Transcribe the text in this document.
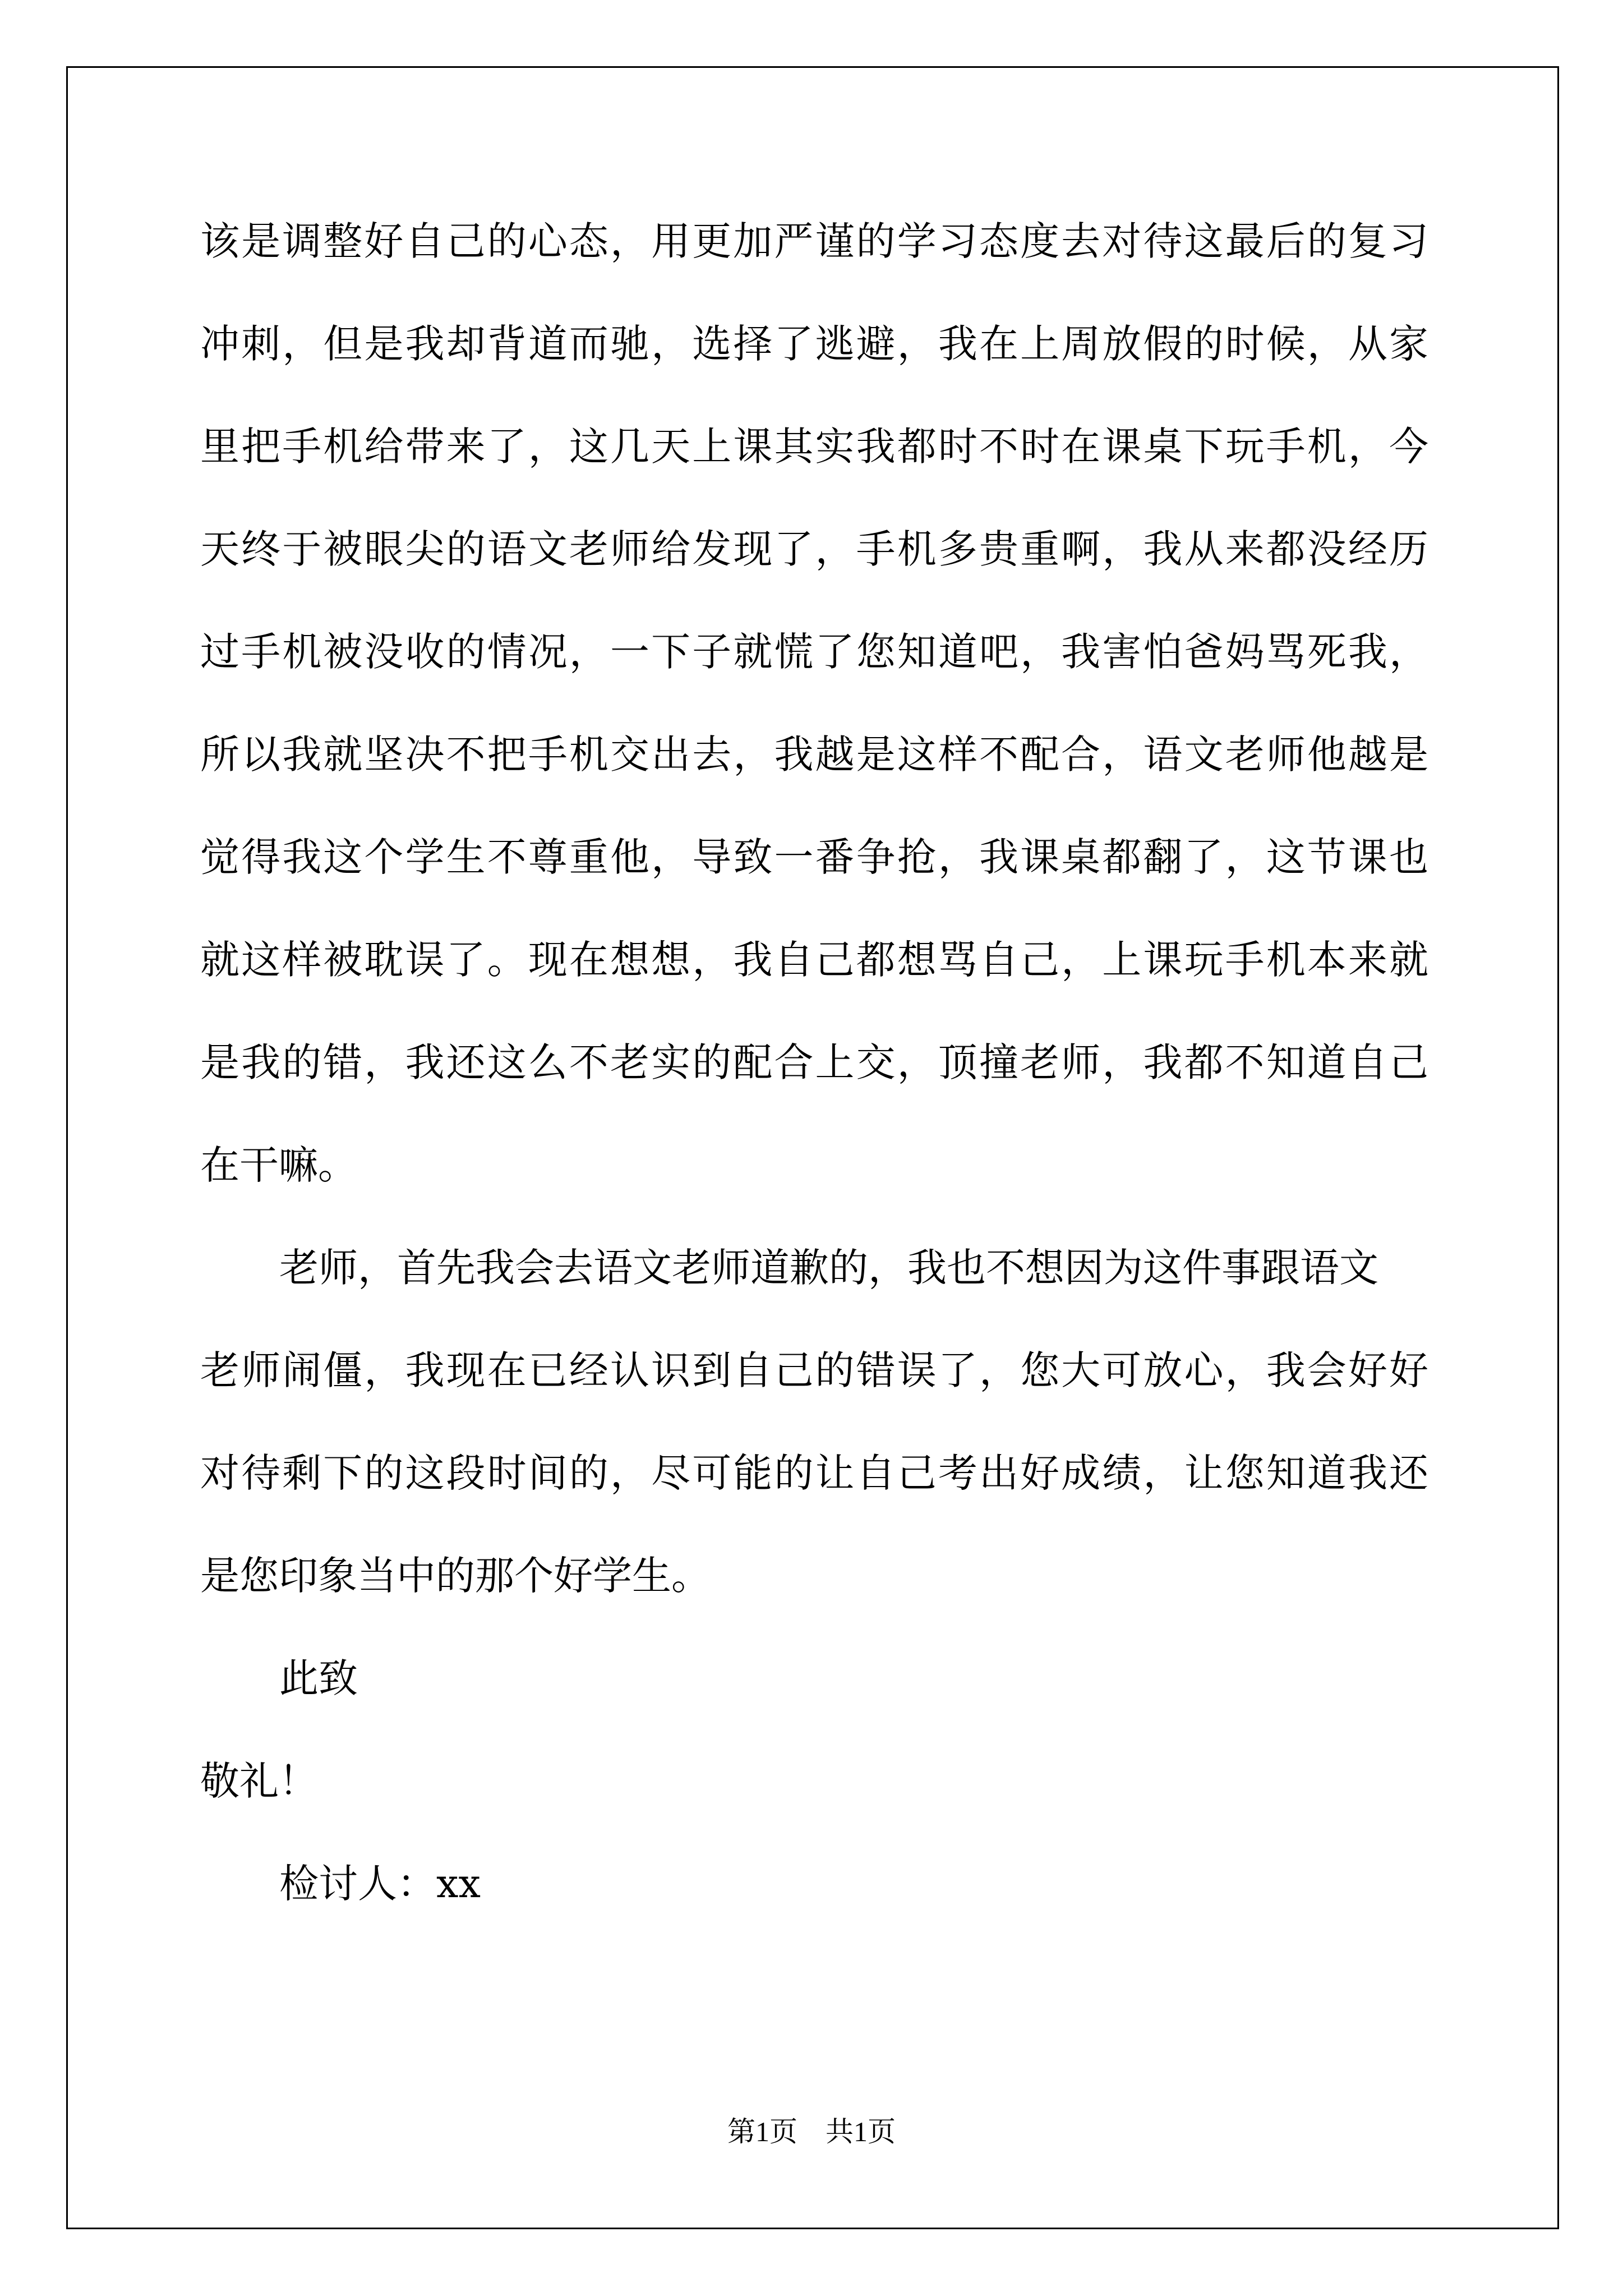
该是调整好自己的心态，用更加严谨的学习态度去对待这最后的复习

冲刺，但是我却背道而驰，选择了逃避，我在上周放假的时候，从家

里把手机给带来了，这几天上课其实我都时不时在课桌下玩手机，今

天终于被眼尖的语文老师给发现了，手机多贵重啊，我从来都没经历

过手机被没收的情况，一下子就慌了您知道吧，我害怕爸妈骂死我，

所以我就坚决不把手机交出去，我越是这样不配合，语文老师他越是

觉得我这个学生不尊重他，导致一番争抢，我课桌都翻了，这节课也

就这样被耽误了。现在想想，我自己都想骂自己，上课玩手机本来就

是我的错，我还这么不老实的配合上交，顶撞老师，我都不知道自己

在干嘛。

老师，首先我会去语文老师道歉的，我也不想因为这件事跟语文

老师闹僵，我现在已经认识到自己的错误了，您大可放心，我会好好

对待剩下的这段时间的，尽可能的让自己考出好成绩，让您知道我还

是您印象当中的那个好学生。

此致

敬礼！

检讨人：xx

第1页　共1页
